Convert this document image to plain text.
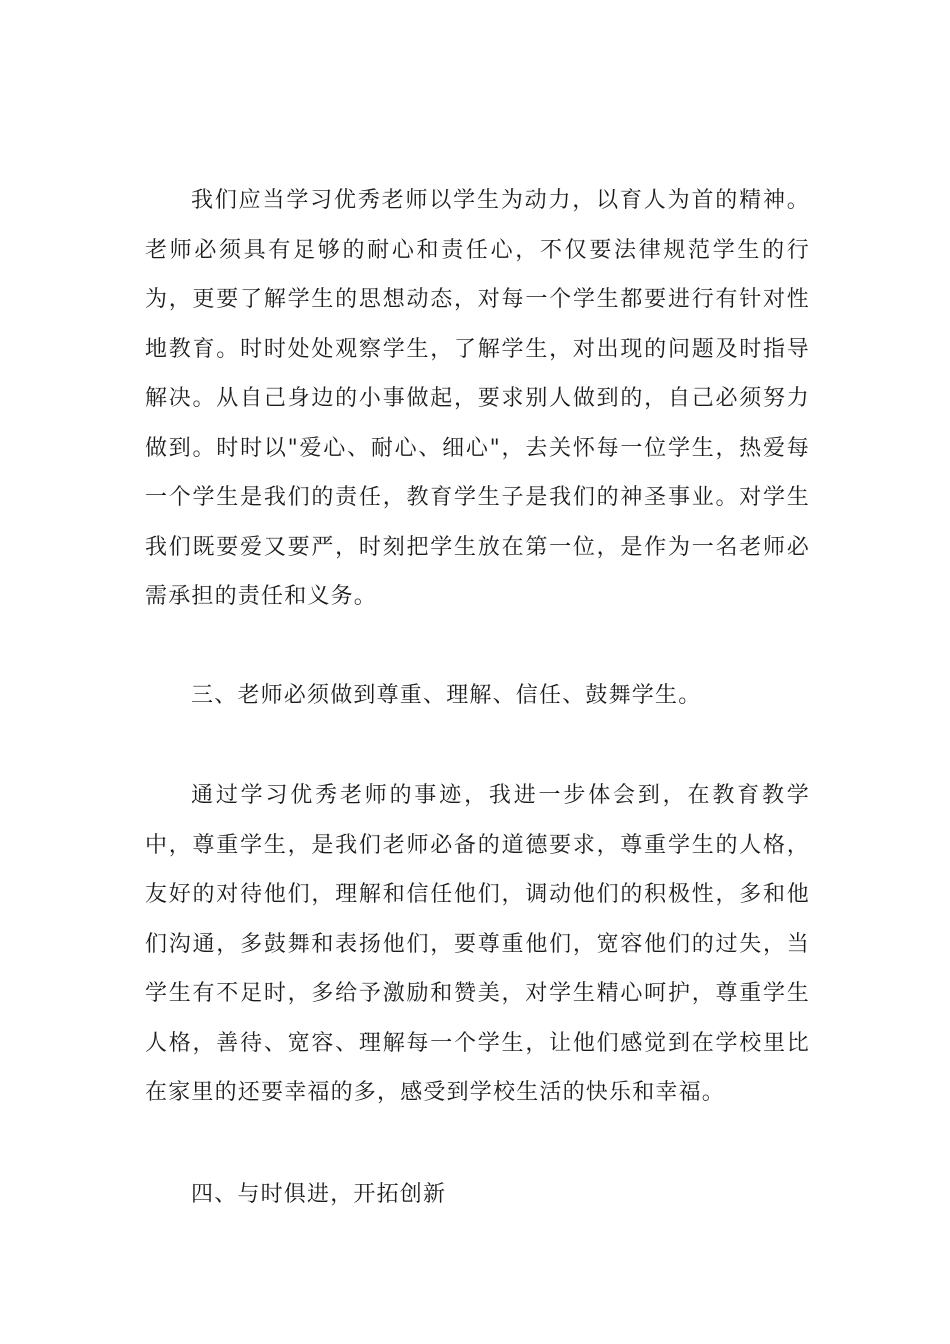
我们应当学习优秀老师以学生为动力，以育人为首的精神。老师必须具有足够的耐心和责任心，不仅要法律规范学生的行为，更要了解学生的思想动态，对每一个学生都要进行有针对性地教育。时时处处观察学生，了解学生，对出现的问题及时指导解决。从自己身边的小事做起，要求别人做到的，自己必须努力做到。时时以"爱心、耐心、细心"，去关怀每一位学生，热爱每一个学生是我们的责任，教育学生子是我们的神圣事业。对学生我们既要爱又要严，时刻把学生放在第一位，是作为一名老师必需承担的责任和义务。

三、老师必须做到尊重、理解、信任、鼓舞学生。

通过学习优秀老师的事迹，我进一步体会到，在教育教学中，尊重学生，是我们老师必备的道德要求，尊重学生的人格，友好的对待他们，理解和信任他们，调动他们的积极性，多和他们沟通，多鼓舞和表扬他们，要尊重他们，宽容他们的过失，当学生有不足时，多给予激励和赞美，对学生精心呵护，尊重学生人格，善待、宽容、理解每一个学生，让他们感觉到在学校里比在家里的还要幸福的多，感受到学校生活的快乐和幸福。

四、与时俱进，开拓创新
